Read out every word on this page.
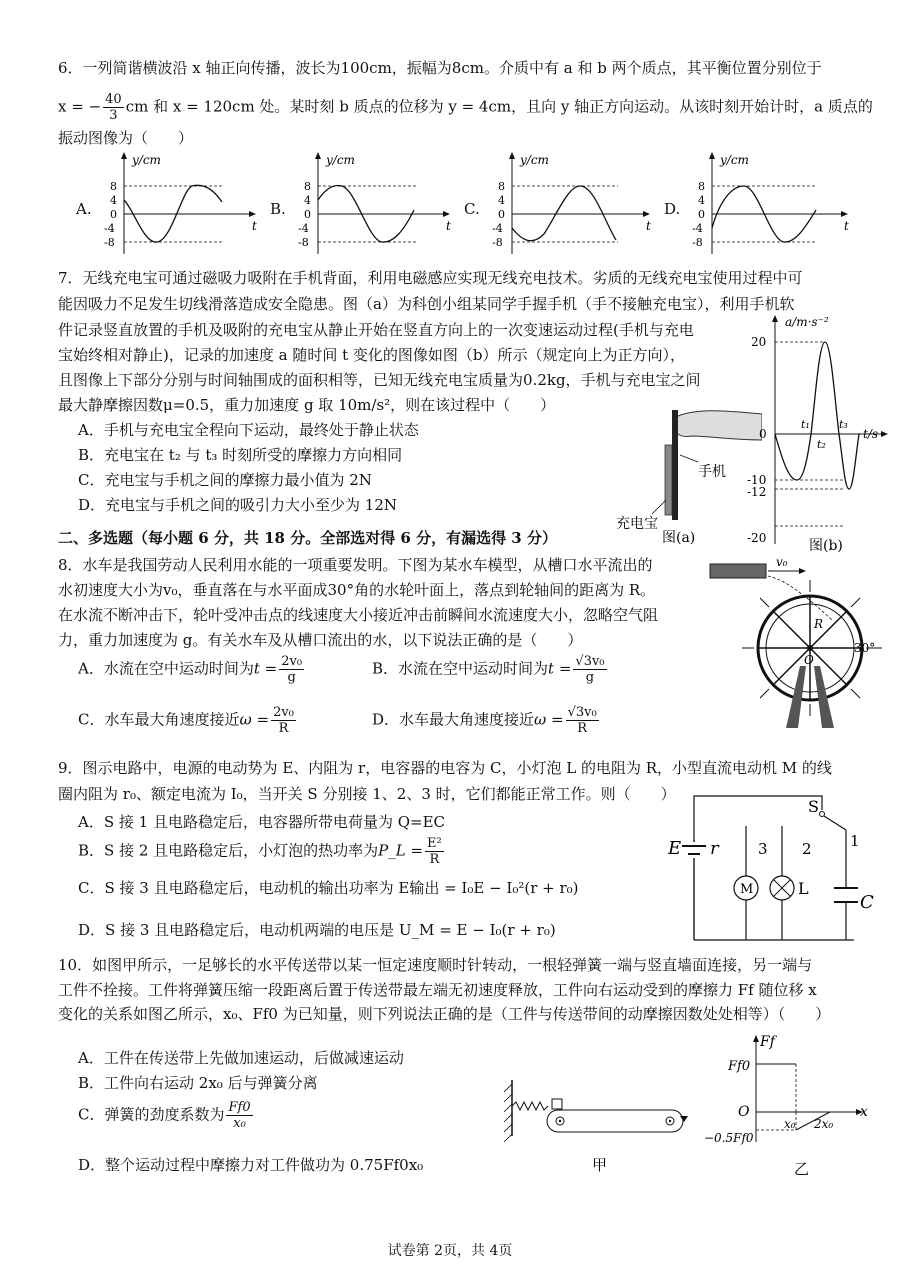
6．一列简谐横波沿 x 轴正向传播，波长为100cm，振幅为8cm。介质中有 a 和 b 两个质点，其平衡位置分别位于
x = − $\frac{40}{3}$ cm 和 x = 120cm 处。某时刻 b 质点的位移为 y = 4cm，且向 y 轴正方向运动。从该时刻开始计时，a 质点的
振动图像为（　　）
A.
y/cm
t
8
4
0
-4
-8
B.
y/cm
t
8
4
0
-4
-8
C.
y/cm
t
8
4
0
-4
-8
D.
y/cm
t
8
4
0
-4
-8
7．无线充电宝可通过磁吸力吸附在手机背面，利用电磁感应实现无线充电技术。劣质的无线充电宝使用过程中可
能因吸力不足发生切线滑落造成安全隐患。图（a）为科创小组某同学手握手机（手不接触充电宝），利用手机软
件记录竖直放置的手机及吸附的充电宝从静止开始在竖直方向上的一次变速运动过程(手机与充电
宝始终相对静止)，记录的加速度 a 随时间 t 变化的图像如图（b）所示（规定向上为正方向），
且图像上下部分分别与时间轴围成的面积相等，已知无线充电宝质量为0.2kg，手机与充电宝之间
最大静摩擦因数μ=0.5，重力加速度 g 取 10m/s²，则在该过程中（　　）
A．手机与充电宝全程向下运动，最终处于静止状态
B．充电宝在 t₂ 与 t₃ 时刻所受的摩擦力方向相同
C．充电宝与手机之间的摩擦力最小值为 2N
D．充电宝与手机之间的吸引力大小至少为 12N
手机
充电宝
图(a)
a/m·s⁻²
t/s
20
0
-10
-12
-20
t₁
t₂
t₃
图(b)
二、多选题（每小题 6 分，共 18 分。全部选对得 6 分，有漏选得 3 分）
8．水车是我国劳动人民利用水能的一项重要发明。下图为某水车模型，从槽口水平流出的
水初速度大小为v₀，垂直落在与水平面成30°角的水轮叶面上，落点到轮轴间的距离为 R。
在水流不断冲击下，轮叶受冲击点的线速度大小接近冲击前瞬间水流速度大小，忽略空气阻
力，重力加速度为 g。有关水车及从槽口流出的水，以下说法正确的是（　　）
A．水流在空中运动时间为$t = \frac{\text{2v₀}}{g}$	B．水流在空中运动时间为$t = \frac{\text{√3v₀}}{g}$
C．水车最大角速度接近$\omega = \frac{\text{2v₀}}{R}$	D．水车最大角速度接近$\omega = \frac{\text{√3v₀}}{R}$
v₀
O
R
30°
9．图示电路中，电源的电动势为 E、内阻为 r，电容器的电容为 C，小灯泡 L 的电阻为 R，小型直流电动机 M 的线
圈内阻为 r₀、额定电流为 I₀，当开关 S 分别接 1、2、3 时，它们都能正常工作。则（　　）
A．S 接 1 且电路稳定后，电容器所带电荷量为 Q=EC
B．S 接 2 且电路稳定后，小灯泡的热功率为P_L = $\frac{\text{E²}}{R}$
C．S 接 3 且电路稳定后，电动机的输出功率为 E输出 = I₀E − I₀²(r + r₀)
D．S 接 3 且电路稳定后，电动机两端的电压是 U_M = E − I₀(r + r₀)
E r
S
1
2
3
M	L
C
10．如图甲所示，一足够长的水平传送带以某一恒定速度顺时针转动，一根轻弹簧一端与竖直墙面连接，另一端与
工件不拴接。工件将弹簧压缩一段距离后置于传送带最左端无初速度释放，工件向右运动受到的摩擦力 Ff 随位移 x
变化的关系如图乙所示，x₀、Ff0 为已知量，则下列说法正确的是（工件与传送带间的动摩擦因数处处相等）（　　）
A．工件在传送带上先做加速运动，后做减速运动
B．工件向右运动 2x₀ 后与弹簧分离
C．弹簧的劲度系数为 $\frac{Ff0}{\text{x₀}}$
D．整个运动过程中摩擦力对工件做功为 0.75Ff0x₀	甲
Ff
Ff0
O	x
x₀ 2x₀
−0.5Ff0
乙
试卷第 2页，共 4页
